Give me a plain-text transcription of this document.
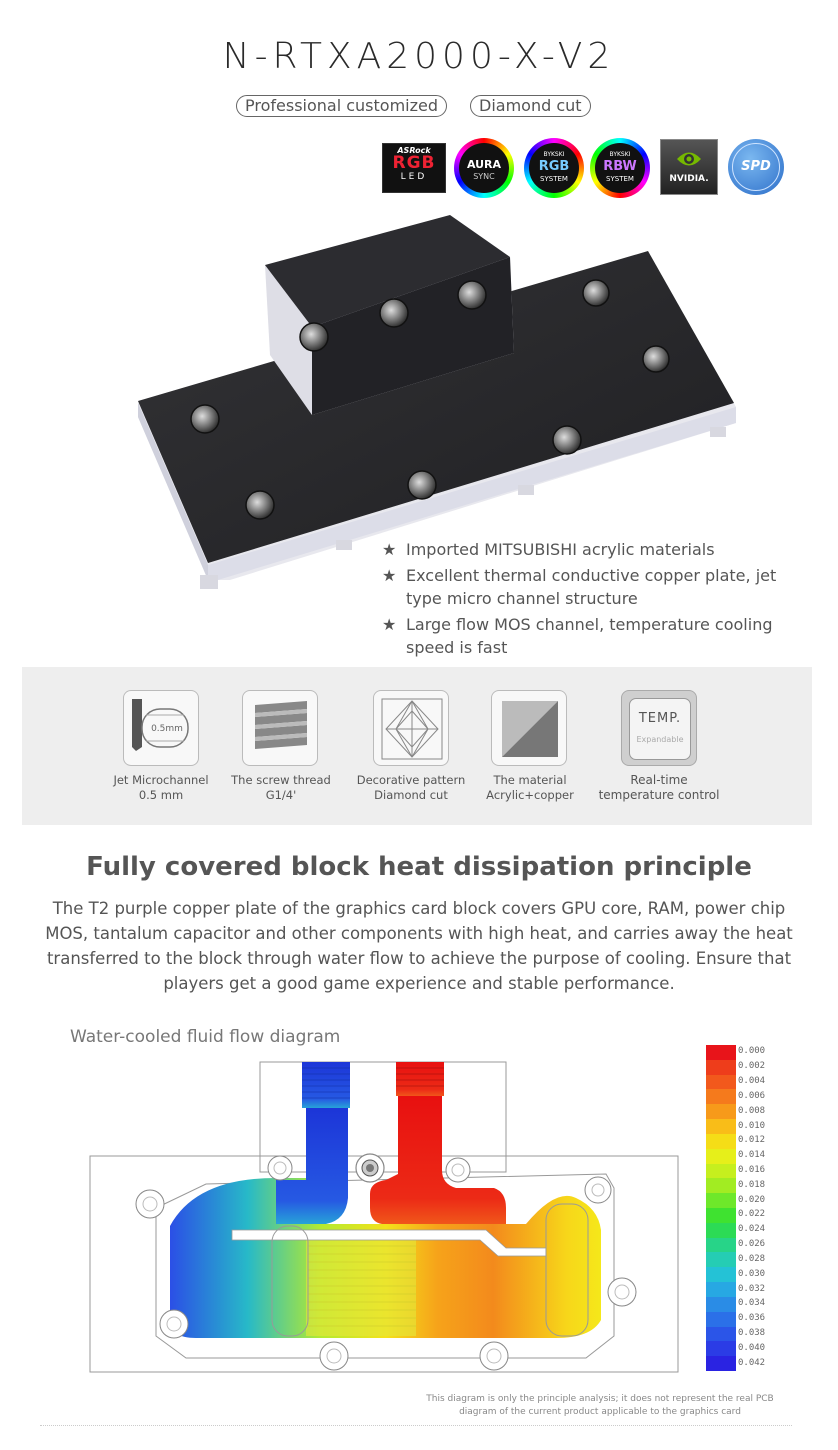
N-RTXA2000-X-V2
Professional customized	Diamond cut
ASRock
RGB
LED
AURA
SYNC
BYKSKI
RGB
SYSTEM
BYKSKI
RBW
SYSTEM	NVIDIA.
SPD
★ Imported MITSUBISHI acrylic materials
★ Excellent thermal conductive copper plate, jet type micro channel structure
★ Large flow MOS channel, temperature cooling speed is fast
0.5mm
Jet Microchannel
0.5 mm
The screw thread
G1/4'
Decorative pattern
Diamond cut
The material
Acrylic+copper
TEMP.
Expandable
Real-time
temperature control
Fully covered block heat dissipation principle
The T2 purple copper plate of the graphics card block covers GPU core, RAM, power chip MOS, tantalum capacitor and other components with high heat, and carries away the heat transferred to the block through water flow to achieve the purpose of cooling. Ensure that players get a good game experience and stable performance.
Water-cooled fluid flow diagram
0.000
0.002
0.004
0.006
0.008
0.010
0.012
0.014
0.016
0.018
0.020
0.022
0.024
0.026
0.028
0.030
0.032
0.034
0.036
0.038
0.040
0.042
This diagram is only the principle analysis; it does not represent the real PCB
diagram of the current product applicable to the graphics card
